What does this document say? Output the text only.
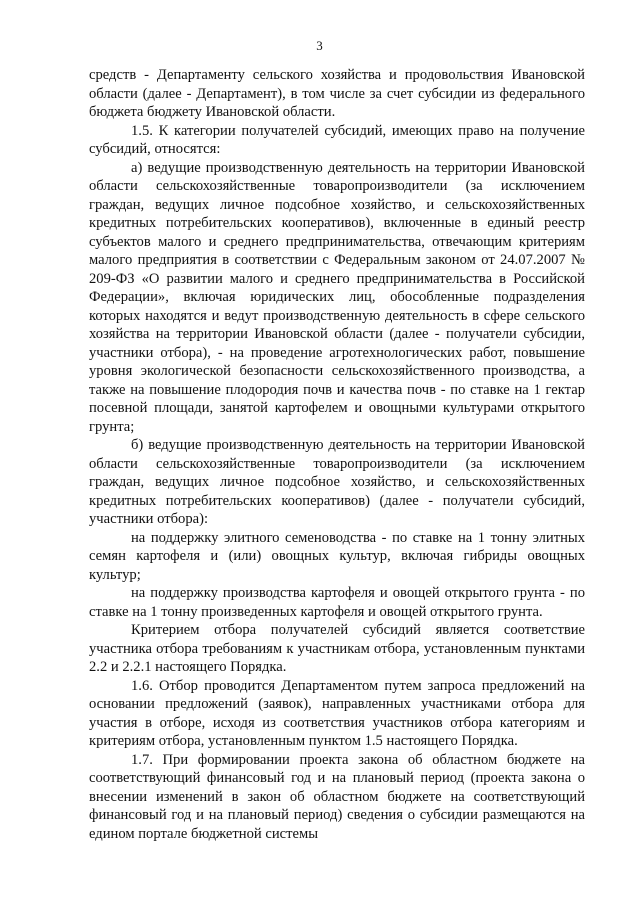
3

средств - Департаменту сельского хозяйства и продовольствия Ивановской области (далее - Департамент), в том числе за счет субсидии из федерального бюджета бюджету Ивановской области.

1.5. К категории получателей субсидий, имеющих право на получение субсидий, относятся:

а) ведущие производственную деятельность на территории Ивановской области сельскохозяйственные товаропроизводители (за исключением граждан, ведущих личное подсобное хозяйство, и сельскохозяйственных кредитных потребительских кооперативов), включенные в единый реестр субъектов малого и среднего предпринимательства, отвечающим критериям малого предприятия в соответствии с Федеральным законом от 24.07.2007 № 209-ФЗ «О развитии малого и среднего предпринимательства в Российской Федерации», включая юридических лиц, обособленные подразделения которых находятся и ведут производственную деятельность в сфере сельского хозяйства на территории Ивановской области (далее - получатели субсидии, участники отбора), - на проведение агротехнологических работ, повышение уровня экологической безопасности сельскохозяйственного производства, а также на повышение плодородия почв и качества почв - по ставке на 1 гектар посевной площади, занятой картофелем и овощными культурами открытого грунта;

б) ведущие производственную деятельность на территории Ивановской области сельскохозяйственные товаропроизводители (за исключением граждан, ведущих личное подсобное хозяйство, и сельскохозяйственных кредитных потребительских кооперативов) (далее - получатели субсидий, участники отбора):

на поддержку элитного семеноводства - по ставке на 1 тонну элитных семян картофеля и (или) овощных культур, включая гибриды овощных культур;

на поддержку производства картофеля и овощей открытого грунта - по ставке на 1 тонну произведенных картофеля и овощей открытого грунта.

Критерием отбора получателей субсидий является соответствие участника отбора требованиям к участникам отбора, установленным пунктами 2.2 и 2.2.1 настоящего Порядка.

1.6. Отбор проводится Департаментом путем запроса предложений на основании предложений (заявок), направленных участниками отбора для участия в отборе, исходя из соответствия участников отбора категориям и критериям отбора, установленным пунктом 1.5 настоящего Порядка.

1.7. При формировании проекта закона об областном бюджете на соответствующий финансовый год и на плановый период (проекта закона о внесении изменений в закон об областном бюджете на соответствующий финансовый год и на плановый период) сведения о субсидии размещаются на едином портале бюджетной системы
